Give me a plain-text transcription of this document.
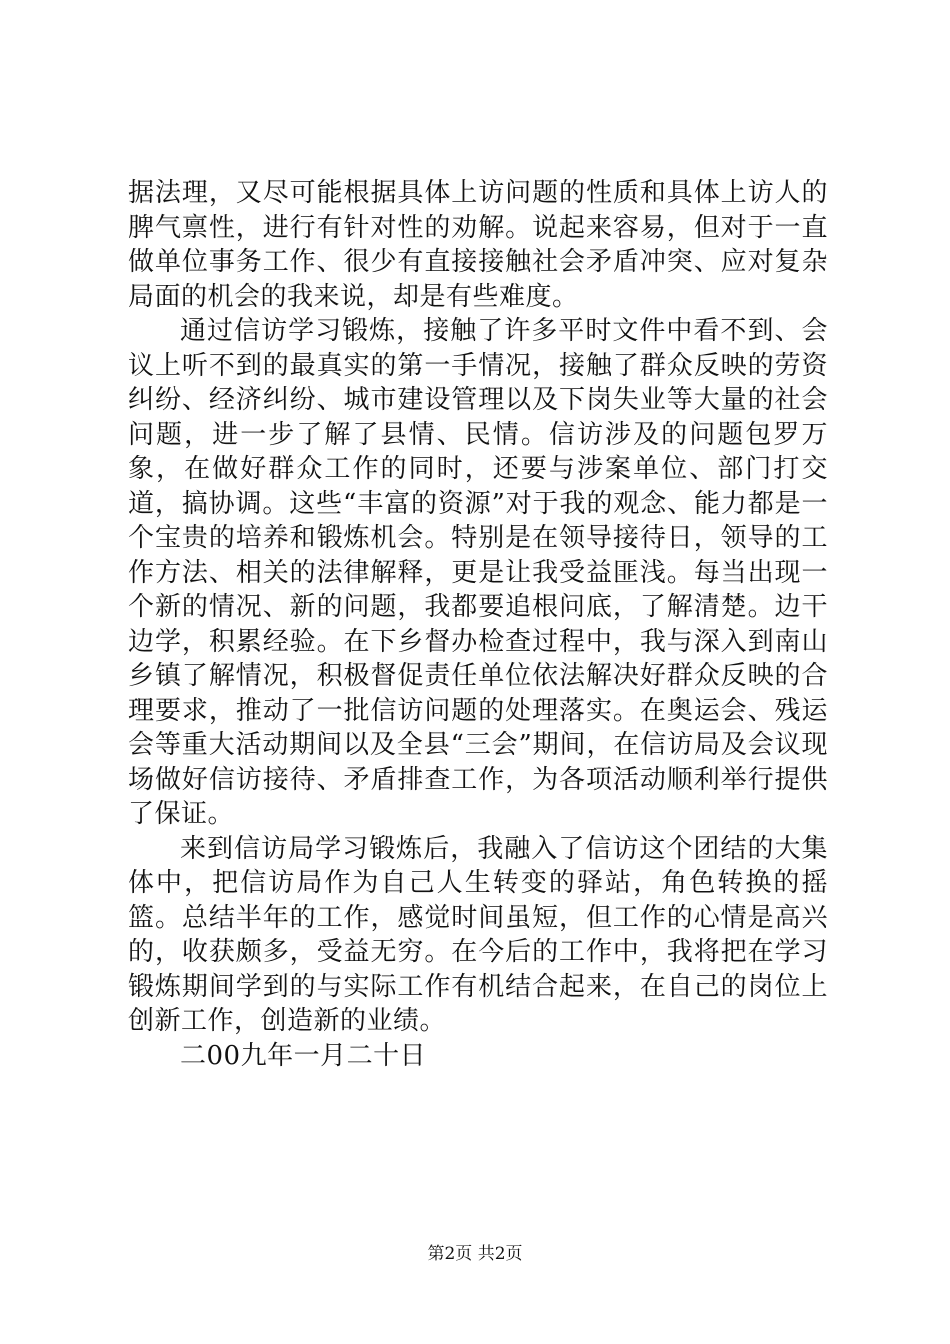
据法理，又尽可能根据具体上访问题的性质和具体上访人的脾气禀性，进行有针对性的劝解。说起来容易，但对于一直做单位事务工作、很少有直接接触社会矛盾冲突、应对复杂局面的机会的我来说，却是有些难度。

通过信访学习锻炼，接触了许多平时文件中看不到、会议上听不到的最真实的第一手情况，接触了群众反映的劳资纠纷、经济纠纷、城市建设管理以及下岗失业等大量的社会问题，进一步了解了县情、民情。信访涉及的问题包罗万象，在做好群众工作的同时，还要与涉案单位、部门打交道，搞协调。这些“丰富的资源”对于我的观念、能力都是一个宝贵的培养和锻炼机会。特别是在领导接待日，领导的工作方法、相关的法律解释，更是让我受益匪浅。每当出现一个新的情况、新的问题，我都要追根问底，了解清楚。边干边学，积累经验。在下乡督办检查过程中，我与深入到南山乡镇了解情况，积极督促责任单位依法解决好群众反映的合理要求，推动了一批信访问题的处理落实。在奥运会、残运会等重大活动期间以及全县“三会”期间，在信访局及会议现场做好信访接待、矛盾排查工作，为各项活动顺利举行提供了保证。

来到信访局学习锻炼后，我融入了信访这个团结的大集体中，把信访局作为自己人生转变的驿站，角色转换的摇篮。总结半年的工作，感觉时间虽短，但工作的心情是高兴的，收获颇多，受益无穷。在今后的工作中，我将把在学习锻炼期间学到的与实际工作有机结合起来，在自己的岗位上创新工作，创造新的业绩。

二00九年一月二十日

第2页 共2页
